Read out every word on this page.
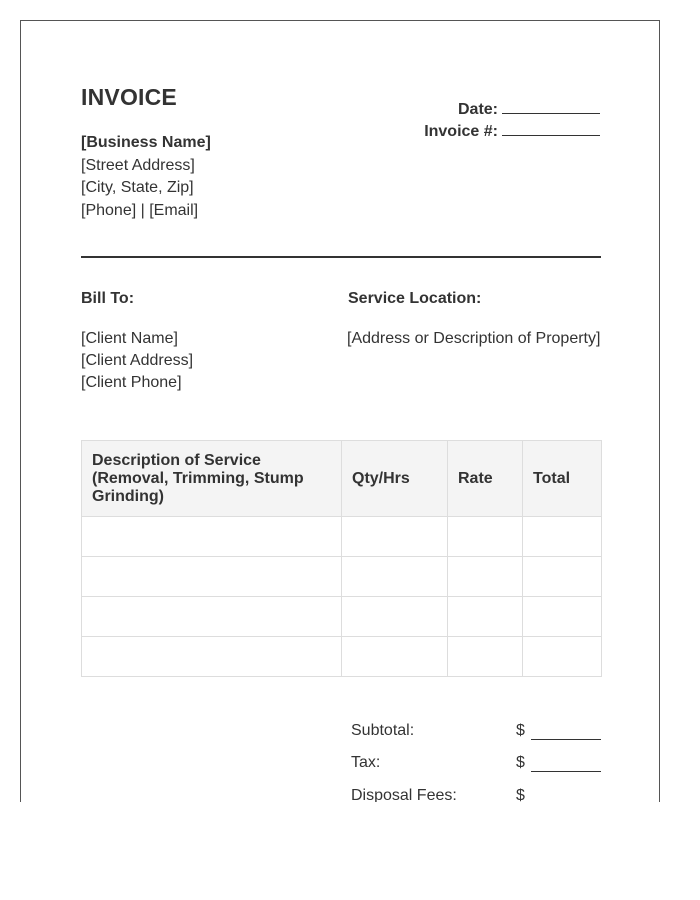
INVOICE	Date:
Invoice #:
[Business Name]
[Street Address]
[City, State, Zip]
[Phone] | [Email]
Bill To:	Service Location:
[Client Name]
[Client Address]
[Client Phone]
[Address or Description of Property]
Description of Service (Removal, Trimming, Stump Grinding)	Qty/Hrs	Rate	Total

Subtotal:	$
Tax:	$
Disposal Fees:	$
